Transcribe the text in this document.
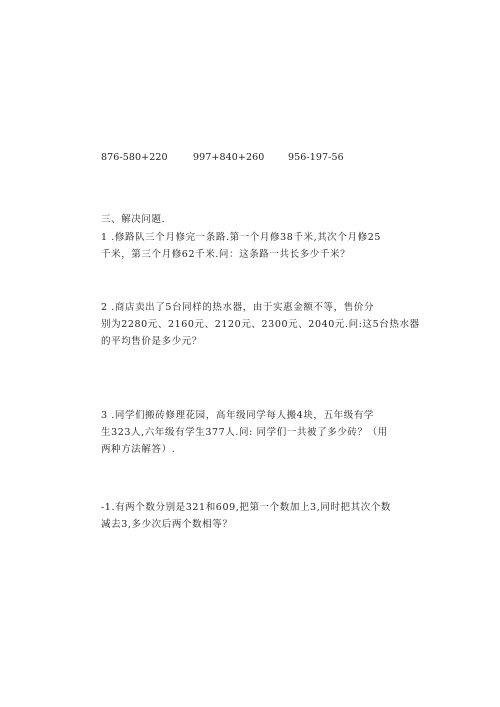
876-580+220	997+840+260 956-197-56
三、解决问题.
1 .修路队三个月修完一条路.第一个月修38千米,其次个月修25
千米，第三个月修62千米.问：这条路一共长多少千米？
2 .商店卖出了5台同样的热水器，由于实惠金额不等，售价分
别为2280元、2160元、2120元、2300元、2040元.问:这5台热水器
的平均售价是多少元？
3 .同学们搬砖修理花园，高年级同学每人搬4块，五年级有学
生323人,六年级有学生377人.问: 同学们一共被了多少砖？（用
两种方法解答）.
-1.有两个数分别是321和609,把第一个数加上3,同时把其次个数
减去3,多少次后两个数相等？
